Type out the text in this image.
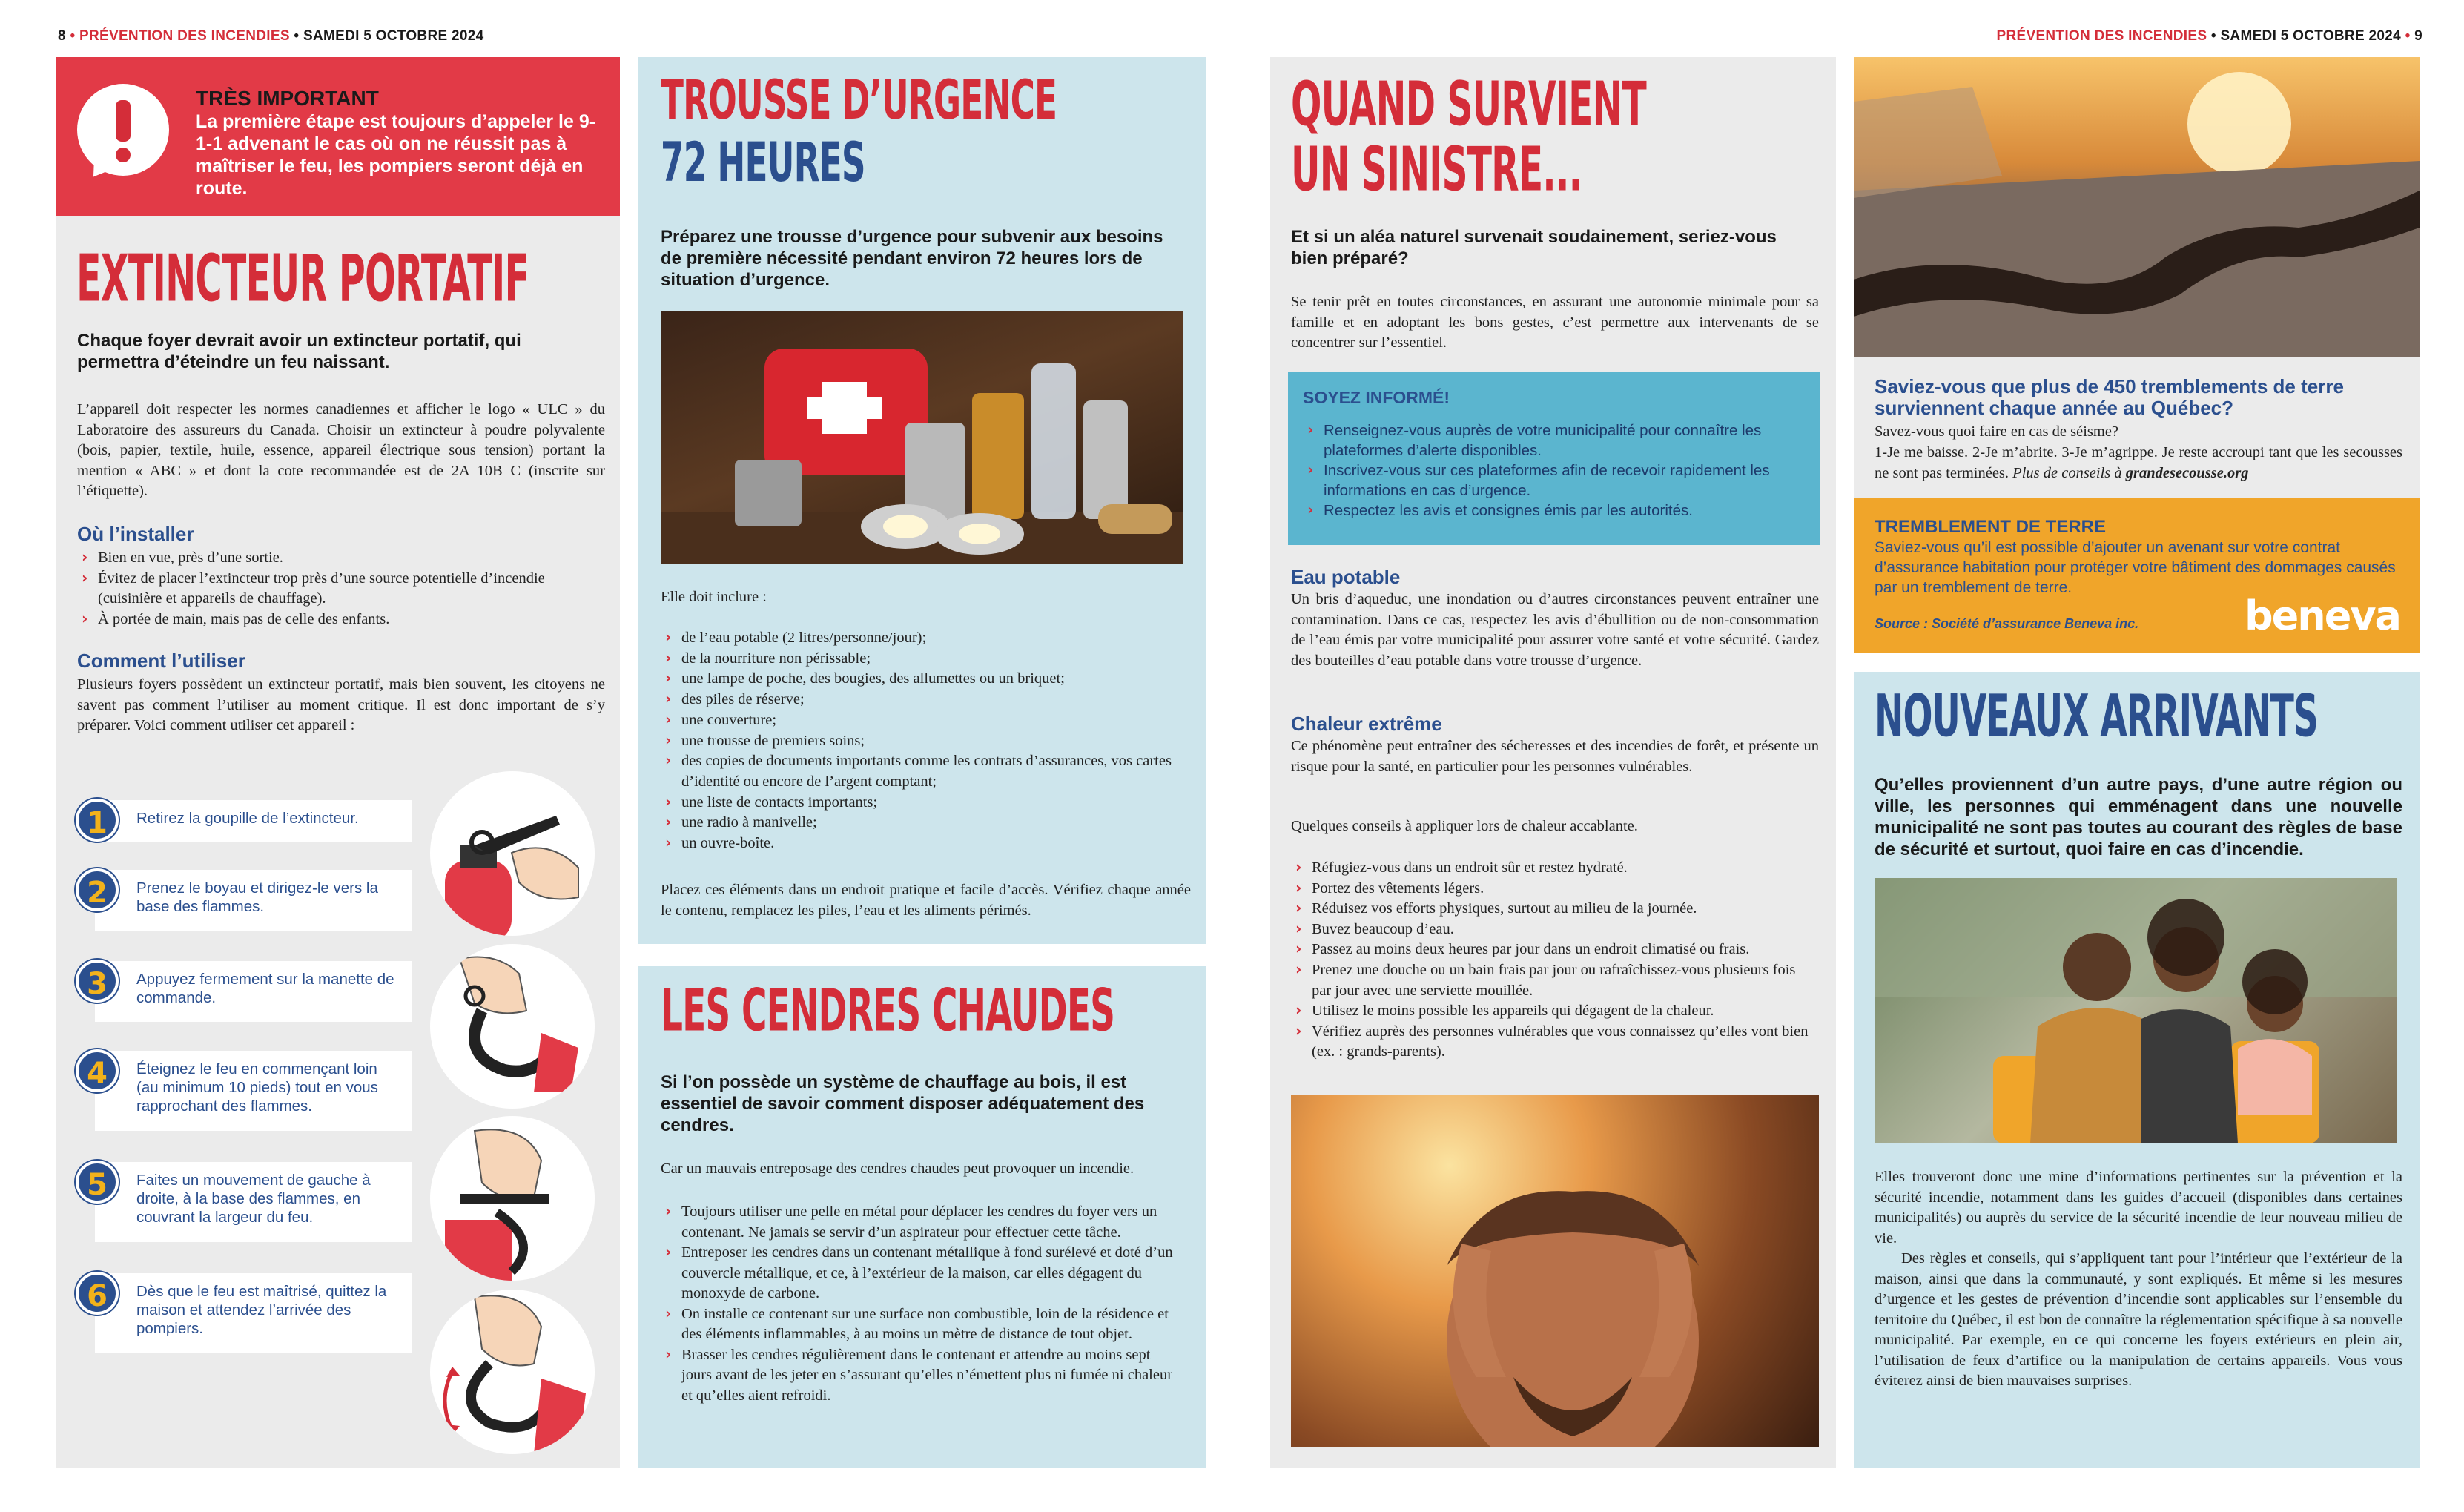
8 • PRÉVENTION DES INCENDIES • SAMEDI 5 OCTOBRE 2024	PRÉVENTION DES INCENDIES • SAMEDI 5 OCTOBRE 2024 • 9
TRÈS IMPORTANT
La première étape est toujours d’appeler le 9-1-1 advenant le cas où on ne réussit pas à maîtriser le feu, les pompiers seront déjà en route.
EXTINCTEUR PORTATIF
Chaque foyer devrait avoir un extincteur portatif, qui permettra d’éteindre un feu naissant.
L’appareil doit respecter les normes canadiennes et afficher le logo « ULC » du Laboratoire des assureurs du Canada. Choisir un extincteur à poudre polyvalente (bois, papier, textile, huile, essence, appareil électrique sous tension) portant la mention « ABC » et dont la cote recommandée est de 2A 10B C (inscrite sur l’étiquette).
Où l’installer
› Bien en vue, près d’une sortie.
› Évitez de placer l’extincteur trop près d’une source potentielle d’incendie (cuisinière et appareils de chauffage).
› À portée de main, mais pas de celle des enfants.
Comment l’utiliser
Plusieurs foyers possèdent un extincteur portatif, mais bien souvent, les citoyens ne savent pas comment l’utiliser au moment critique. Il est donc important de s’y préparer. Voici comment utiliser cet appareil :
Retirez la goupille de l’extincteur.
1
Prenez le boyau et dirigez-le vers la base des flammes.
2
Appuyez fermement sur la manette de commande.
3
Éteignez le feu en commençant loin (au minimum 10 pieds) tout en vous rapprochant des flammes.
4
Faites un mouvement de gauche à droite, à la base des flammes, en couvrant la largeur du feu.
5
Dès que le feu est maîtrisé, quittez la maison et attendez l’arrivée des pompiers.
6
TROUSSE D’URGENCE
72 HEURES
Préparez une trousse d’urgence pour subvenir aux besoins de première nécessité pendant environ 72 heures lors de situation d’urgence.
Elle doit inclure :
› de l’eau potable (2 litres/personne/jour);
› de la nourriture non périssable;
› une lampe de poche, des bougies, des allumettes ou un briquet;
› des piles de réserve;
› une couverture;
› une trousse de premiers soins;
› des copies de documents importants comme les contrats d’assurances, vos cartes d’identité ou encore de l’argent comptant;
› une liste de contacts importants;
› une radio à manivelle;
› un ouvre-boîte.
Placez ces éléments dans un endroit pratique et facile d’accès. Vérifiez chaque année le contenu, remplacez les piles, l’eau et les aliments périmés.
LES CENDRES CHAUDES
Si l’on possède un système de chauffage au bois, il est essentiel de savoir comment disposer adéquatement des cendres.
Car un mauvais entreposage des cendres chaudes peut provoquer un incendie.
› Toujours utiliser une pelle en métal pour déplacer les cendres du foyer vers un contenant. Ne jamais se servir d’un aspirateur pour effectuer cette tâche.
› Entreposer les cendres dans un contenant métallique à fond surélevé et doté d’un couvercle métallique, et ce, à l’extérieur de la maison, car elles dégagent du monoxyde de carbone.
› On installe ce contenant sur une surface non combustible, loin de la résidence et des éléments inflammables, à au moins un mètre de distance de tout objet.
› Brasser les cendres régulièrement dans le contenant et attendre au moins sept jours avant de les jeter en s’assurant qu’elles n’émettent plus ni fumée ni chaleur et qu’elles aient refroidi.
QUAND SURVIENT
UN SINISTRE...
Et si un aléa naturel survenait soudainement, seriez-vous bien préparé?
Se tenir prêt en toutes circonstances, en assurant une autonomie minimale pour sa famille et en adoptant les bons gestes, c’est permettre aux intervenants de se concentrer sur l’essentiel.
SOYEZ INFORMÉ!
› Renseignez-vous auprès de votre municipalité pour connaître les plateformes d’alerte disponibles.
› Inscrivez-vous sur ces plateformes afin de recevoir rapidement les informations en cas d’urgence.
› Respectez les avis et consignes émis par les autorités.
Eau potable
Un bris d’aqueduc, une inondation ou d’autres circonstances peuvent entraîner une contamination. Dans ce cas, respectez les avis d’ébullition ou de non-consommation de l’eau émis par votre municipalité pour assurer votre santé et votre sécurité. Gardez des bouteilles d’eau potable dans votre trousse d’urgence.
Chaleur extrême
Ce phénomène peut entraîner des sécheresses et des incendies de forêt, et présente un risque pour la santé, en particulier pour les personnes vulnérables.
Quelques conseils à appliquer lors de chaleur accablante.
› Réfugiez-vous dans un endroit sûr et restez hydraté.
› Portez des vêtements légers.
› Réduisez vos efforts physiques, surtout au milieu de la journée.
› Buvez beaucoup d’eau.
› Passez au moins deux heures par jour dans un endroit climatisé ou frais.
› Prenez une douche ou un bain frais par jour ou rafraîchissez-vous plusieurs fois par jour avec une serviette mouillée.
› Utilisez le moins possible les appareils qui dégagent de la chaleur.
› Vérifiez auprès des personnes vulnérables que vous connaissez qu’elles vont bien (ex. : grands-parents).
Saviez-vous que plus de 450 tremblements de terre surviennent chaque année au Québec?
Savez-vous quoi faire en cas de séisme?
1-Je me baisse. 2-Je m’abrite. 3-Je m’agrippe. Je reste accroupi tant que les secousses ne sont pas terminées. Plus de conseils à grandesecousse.org
TREMBLEMENT DE TERRE
Saviez-vous qu’il est possible d’ajouter un avenant sur votre contrat d’assurance habitation pour protéger votre bâtiment des dommages causés par un tremblement de terre.
Source : Société d’assurance Beneva inc.	beneva
NOUVEAUX ARRIVANTS
Qu’elles proviennent d’un autre pays, d’une autre région ou ville, les personnes qui emménagent dans une nouvelle municipalité ne sont pas toutes au courant des règles de base de sécurité et surtout, quoi faire en cas d’incendie.
Elles trouveront donc une mine d’informations pertinentes sur la prévention et la sécurité incendie, notamment dans les guides d’accueil (disponibles dans certaines municipalités) ou auprès du service de la sécurité incendie de leur nouveau milieu de vie.
Des règles et conseils, qui s’appliquent tant pour l’intérieur que l’extérieur de la maison, ainsi que dans la communauté, y sont expliqués. Et même si les mesures d’urgence et les gestes de prévention d’incendie sont applicables sur l’ensemble du territoire du Québec, il est bon de connaître la réglementation spécifique à sa nouvelle municipalité. Par exemple, en ce qui concerne les foyers extérieurs en plein air, l’utilisation de feux d’artifice ou la manipulation de certains appareils. Vous vous éviterez ainsi de bien mauvaises surprises.
